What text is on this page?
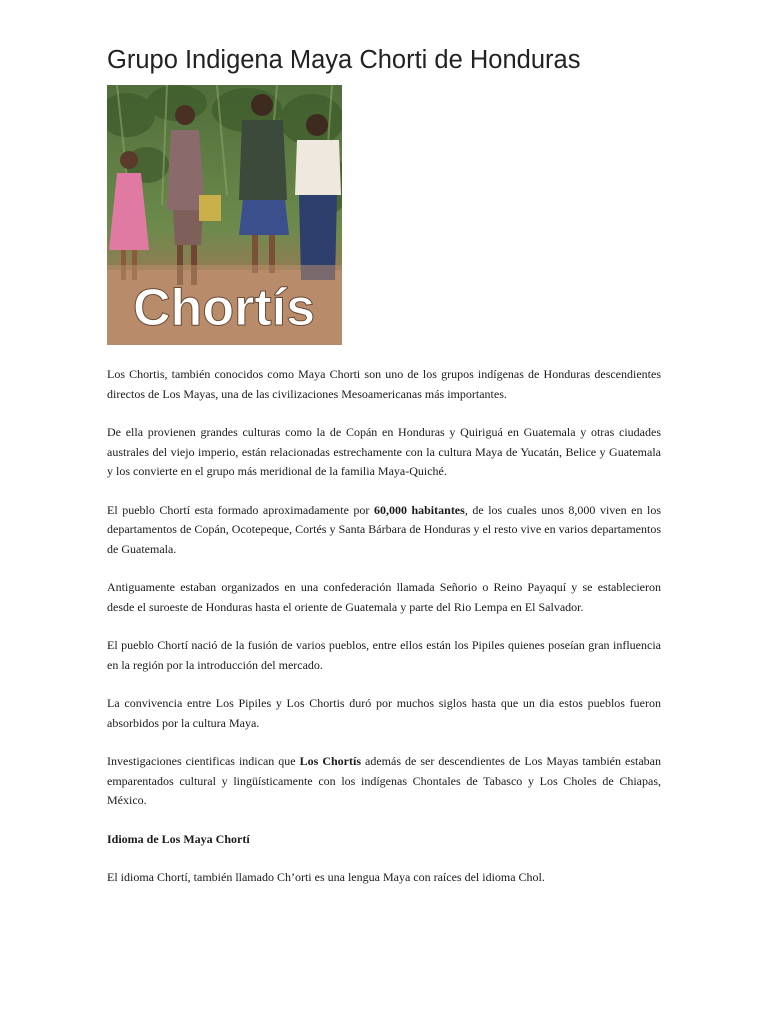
Grupo Indigena Maya Chorti de Honduras
Chortís

Los Chortis, también conocidos como Maya Chorti son uno de los grupos indígenas de Honduras descendientes directos de Los Mayas, una de las civilizaciones Mesoamericanas más importantes.

De ella provienen grandes culturas como la de Copán en Honduras y Quiriguá en Guatemala y otras ciudades australes del viejo imperio, están relacionadas estrechamente con la cultura Maya de Yucatán, Belice y Guatemala y los convierte en el grupo más meridional de la familia Maya-Quiché.

El pueblo Chortí esta formado aproximadamente por 60,000 habitantes, de los cuales unos 8,000 viven en los departamentos de Copán, Ocotepeque, Cortés y Santa Bárbara de Honduras y el resto vive en varios departamentos de Guatemala.

Antiguamente estaban organizados en una confederación llamada Señorio o Reino Payaquí y se establecieron desde el suroeste de Honduras hasta el oriente de Guatemala y parte del Rio Lempa en El Salvador.

El pueblo Chortí nació de la fusión de varios pueblos, entre ellos están los Pipiles quienes poseían gran influencia en la región por la introducción del mercado.

La convivencia entre Los Pipiles y Los Chortis duró por muchos siglos hasta que un dia estos pueblos fueron absorbidos por la cultura Maya.

Investigaciones cientificas indican que Los Chortís además de ser descendientes de Los Mayas también estaban emparentados cultural y lingüísticamente con los indígenas Chontales de Tabasco y Los Choles de Chiapas, México.

Idioma de Los Maya Chortí

El idioma Chortí, también llamado Ch’orti es una lengua Maya con raíces del idioma Chol.
